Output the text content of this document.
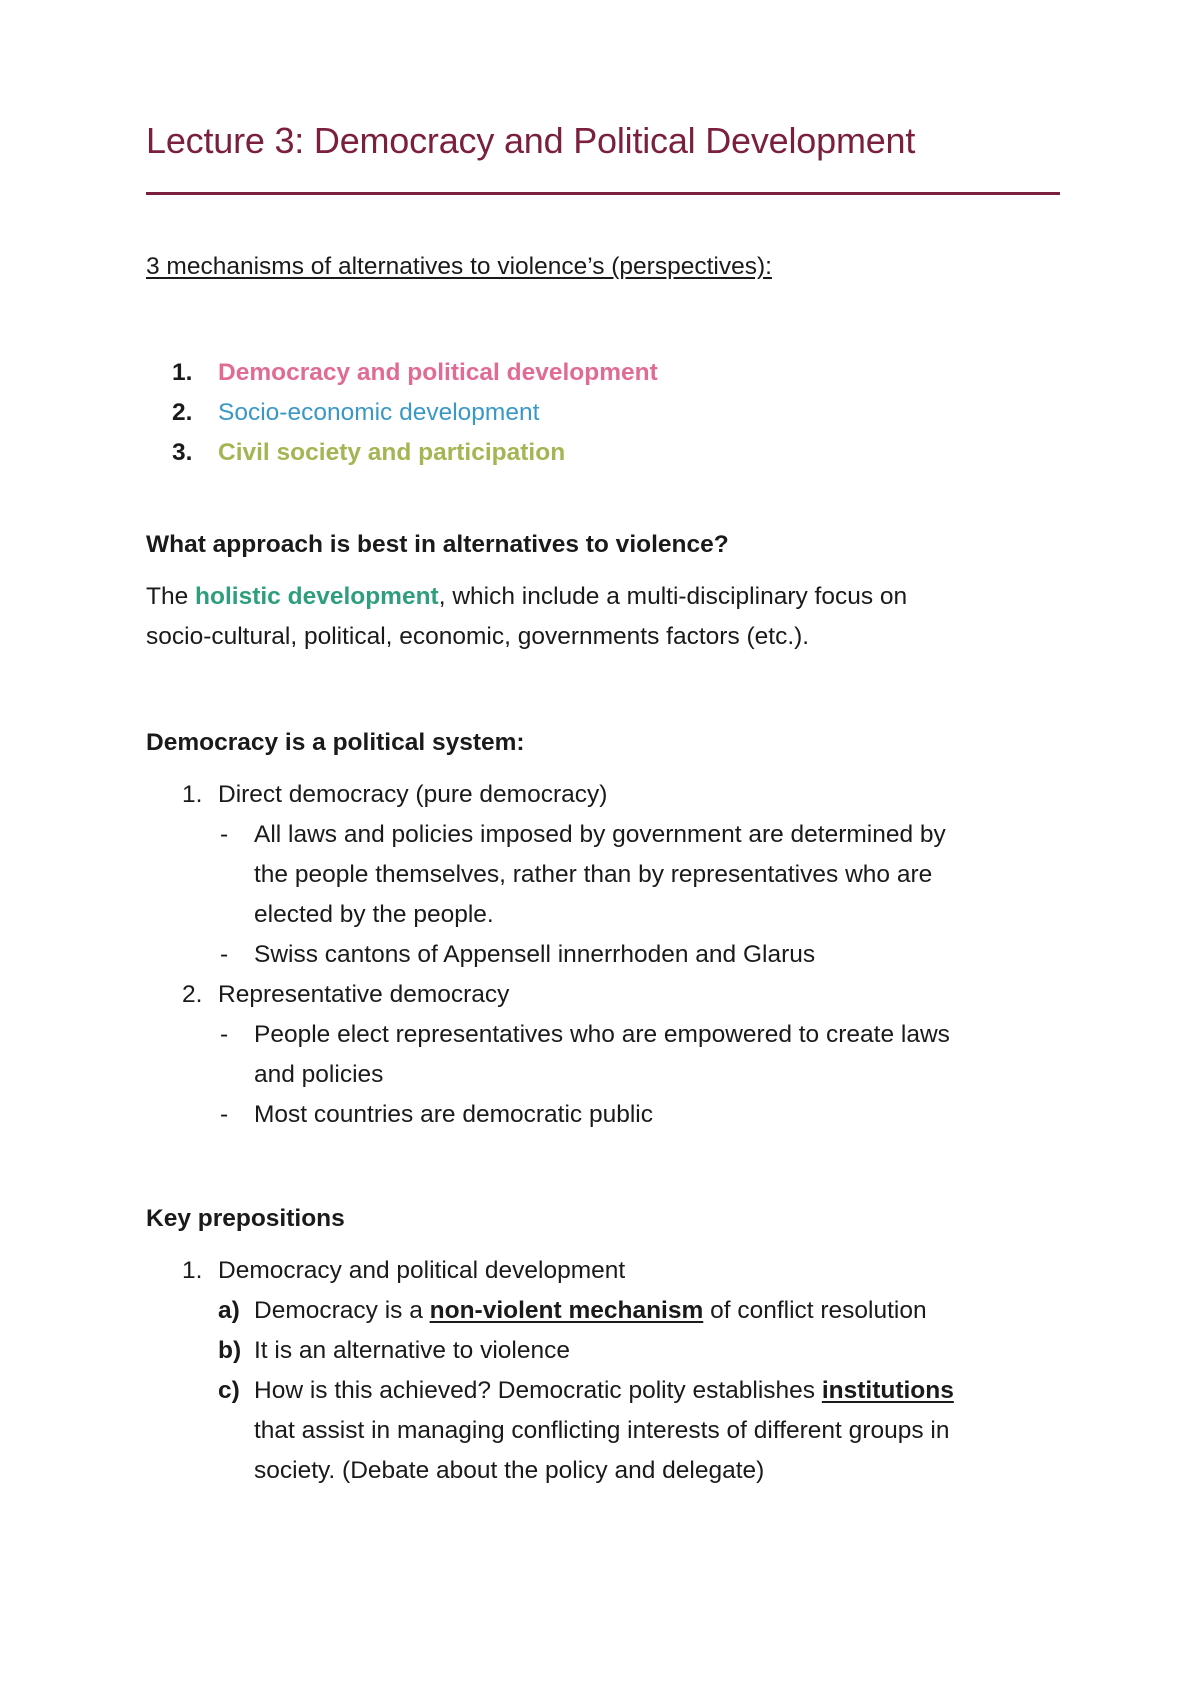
Lecture 3: Democracy and Political Development

3 mechanisms of alternatives to violence’s (perspectives):

1. Democracy and political development

2. Socio-economic development

3. Civil society and participation

What approach is best in alternatives to violence?

The holistic development, which include a multi-disciplinary focus on

socio-cultural, political, economic, governments factors (etc.).

Democracy is a political system:

1. Direct democracy (pure democracy)

- All laws and policies imposed by government are determined by

the people themselves, rather than by representatives who are

elected by the people.

- Swiss cantons of Appensell innerrhoden and Glarus

2. Representative democracy

- People elect representatives who are empowered to create laws

and policies

- Most countries are democratic public

Key prepositions

1. Democracy and political development

a) Democracy is a non-violent mechanism of conflict resolution

b) It is an alternative to violence

c) How is this achieved? Democratic polity establishes institutions

that assist in managing conflicting interests of different groups in

society. (Debate about the policy and delegate)
